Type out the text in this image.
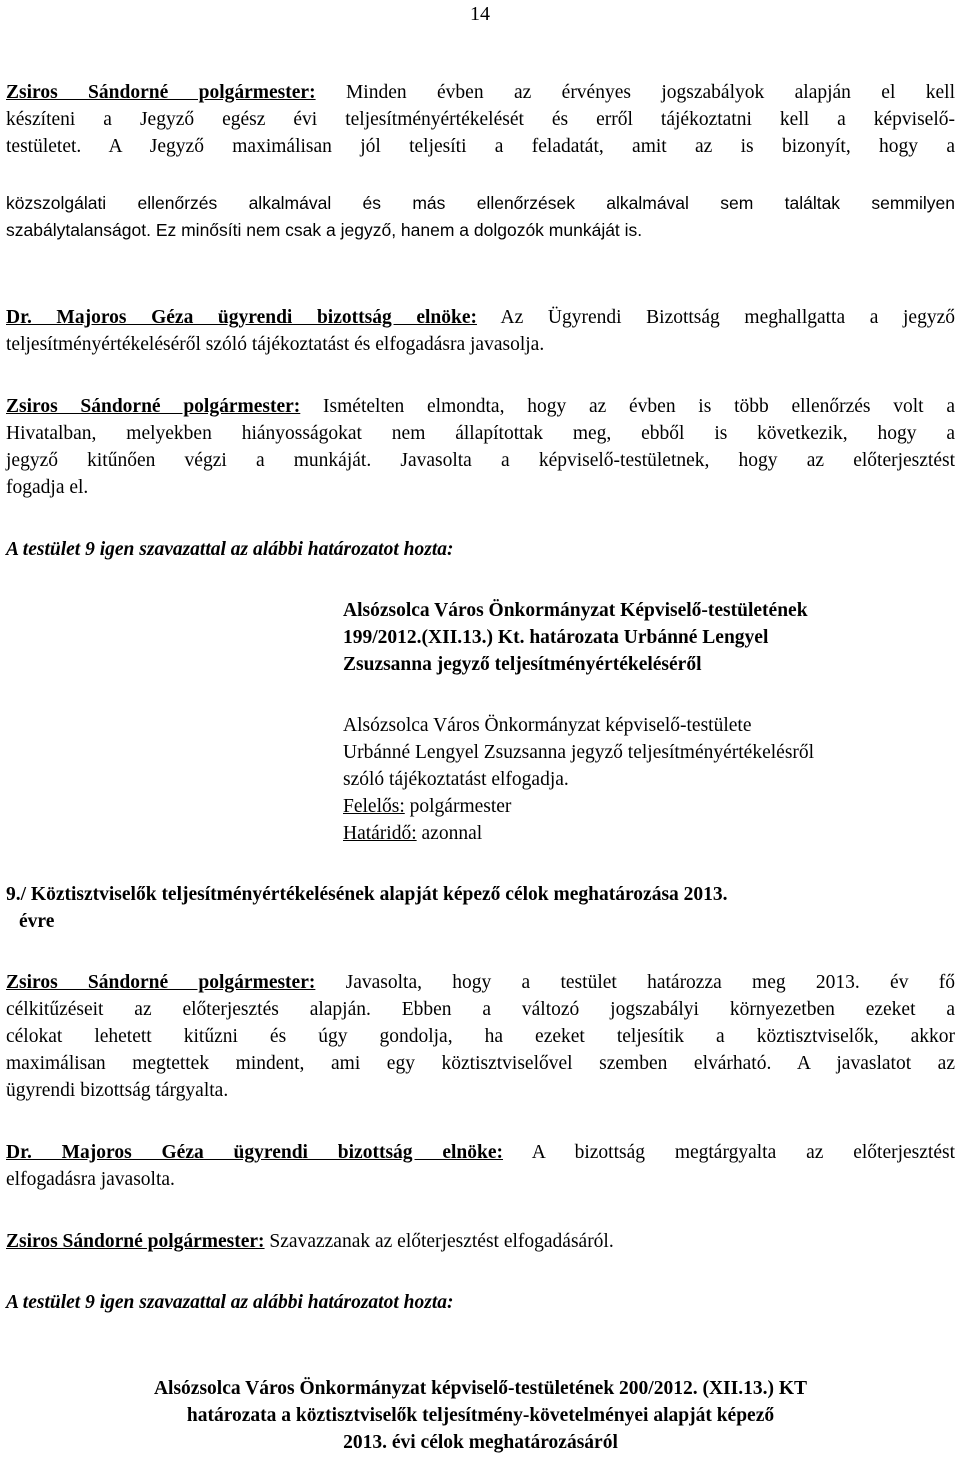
14
Zsiros Sándorné polgármester: Minden évben az érvényes jogszabályok alapján el kell
készíteni a Jegyző egész évi teljesítményértékelését és erről tájékoztatni kell a képviselő-
testületet. A Jegyző maximálisan jól teljesíti a feladatát, amit az is bizonyít, hogy a
közszolgálati ellenőrzés alkalmával és más ellenőrzések alkalmával sem találtak semmilyen
szabálytalanságot. Ez minősíti nem csak a jegyző, hanem a dolgozók munkáját is.
Dr. Majoros Géza ügyrendi bizottság elnöke: Az Ügyrendi Bizottság meghallgatta a jegyző
teljesítményértékeléséről szóló tájékoztatást és elfogadásra javasolja.
Zsiros Sándorné polgármester: Ismételten elmondta, hogy az évben is több ellenőrzés volt a
Hivatalban, melyekben hiányosságokat nem állapítottak meg, ebből is következik, hogy a
jegyző kitűnően végzi a munkáját. Javasolta a képviselő-testületnek, hogy az előterjesztést
fogadja el.
A testület 9 igen szavazattal az alábbi határozatot hozta:
Alsózsolca Város Önkormányzat Képviselő-testületének
199/2012.(XII.13.) Kt. határozata Urbánné Lengyel
Zsuzsanna jegyző teljesítményértékeléséről
Alsózsolca Város Önkormányzat képviselő-testülete
Urbánné Lengyel Zsuzsanna jegyző teljesítményértékelésről
szóló tájékoztatást elfogadja.
Felelős: polgármester
Határidő: azonnal
9./ Köztisztviselők teljesítményértékelésének alapját képező célok meghatározása 2013.
évre
Zsiros Sándorné polgármester: Javasolta, hogy a testület határozza meg 2013. év fő
célkitűzéseit az előterjesztés alapján. Ebben a változó jogszabályi környezetben ezeket a
célokat lehetett kitűzni és úgy gondolja, ha ezeket teljesítik a köztisztviselők, akkor
maximálisan megtettek mindent, ami egy köztisztviselővel szemben elvárható. A javaslatot az
ügyrendi bizottság tárgyalta.
Dr. Majoros Géza ügyrendi bizottság elnöke: A bizottság megtárgyalta az előterjesztést
elfogadásra javasolta.
Zsiros Sándorné polgármester: Szavazzanak az előterjesztést elfogadásáról.
A testület 9 igen szavazattal az alábbi határozatot hozta:
Alsózsolca Város Önkormányzat képviselő-testületének 200/2012. (XII.13.) KT
határozata a köztisztviselők teljesítmény-követelményei alapját képező
2013. évi célok meghatározásáról
